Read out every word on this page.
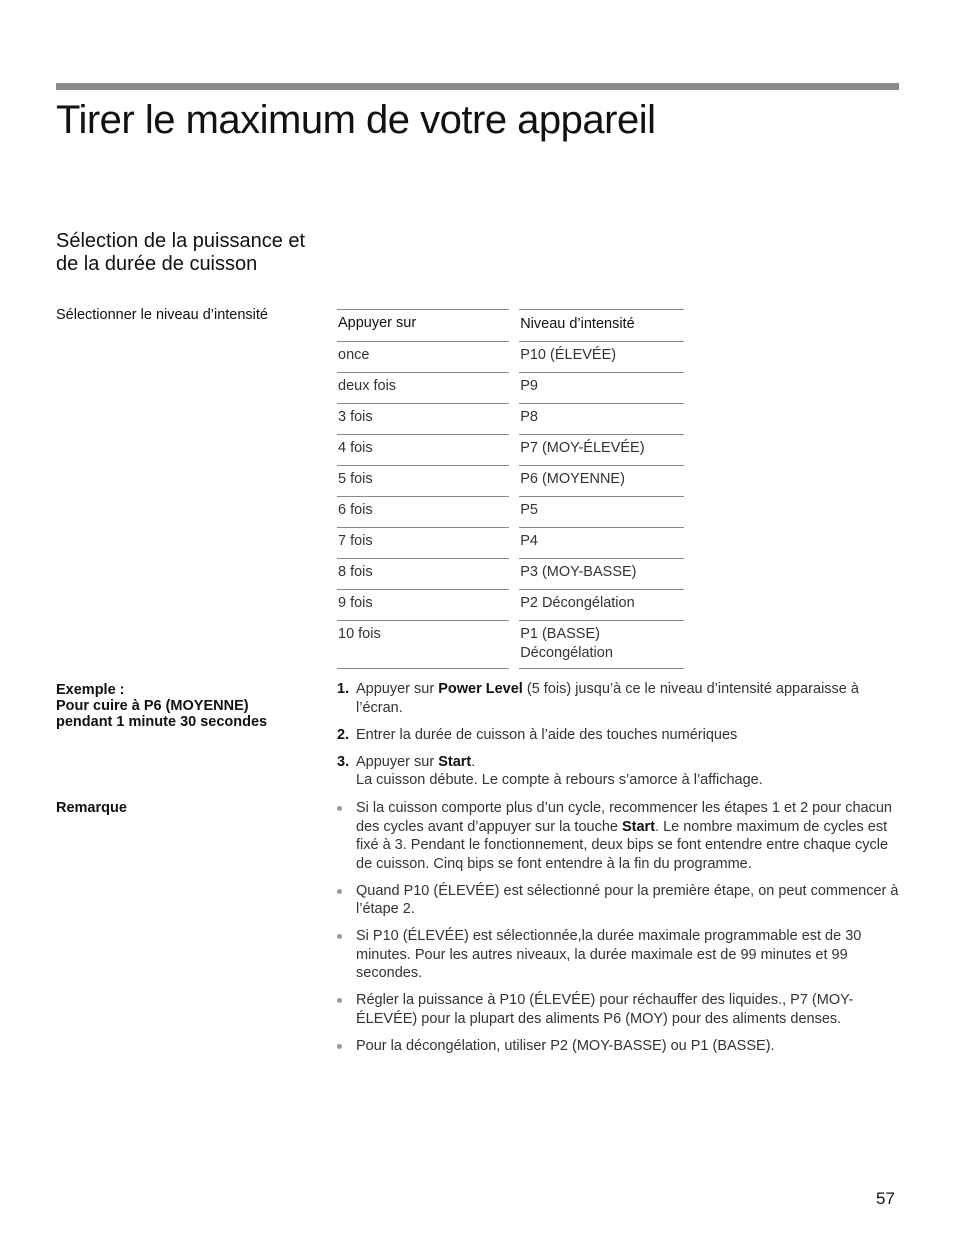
Tirer le maximum de votre appareil
Sélection de la puissance et de la durée de cuisson
Sélectionner le niveau d’intensité	Appuyer sur		Niveau d’intensité
once		P10 (ÉLEVÉE)
deux fois		P9
3 fois		P8
4 fois		P7 (MOY-ÉLEVÉE)
5 fois		P6 (MOYENNE)
6 fois		P5
7 fois		P4
8 fois		P3 (MOY-BASSE)
9 fois		P2 Décongélation
10 fois		P1 (BASSE) Décongélation
Exemple :
Pour cuire à P6 (MOYENNE)
pendant 1 minute 30 secondes
1. Appuyer sur Power Level (5 fois) jusqu’à ce le niveau d’intensité apparaisse à l’écran.
2. Entrer la durée de cuisson à l’aide des touches numériques
3. Appuyer sur Start.
La cuisson débute. Le compte à rebours s’amorce à l’affichage.
Remarque	Si la cuisson comporte plus d’un cycle, recommencer les étapes 1 et 2 pour chacun des cycles avant d’appuyer sur la touche Start. Le nombre maximum de cycles est fixé à 3. Pendant le fonctionnement, deux bips se font entendre entre chaque cycle de cuisson. Cinq bips se font entendre à la fin du programme.
Quand P10 (ÉLEVÉE) est sélectionné pour la première étape, on peut commencer à l’étape 2.
Si P10 (ÉLEVÉE) est sélectionnée,la durée maximale programmable est de 30 minutes. Pour les autres niveaux, la durée maximale est de 99 minutes et 99 secondes.
Régler la puissance à P10 (ÉLEVÉE) pour réchauffer des liquides., P7 (MOY-ÉLEVÉE) pour la plupart des aliments P6 (MOY) pour des aliments denses.
Pour la décongélation, utiliser P2 (MOY-BASSE) ou P1 (BASSE).
57
